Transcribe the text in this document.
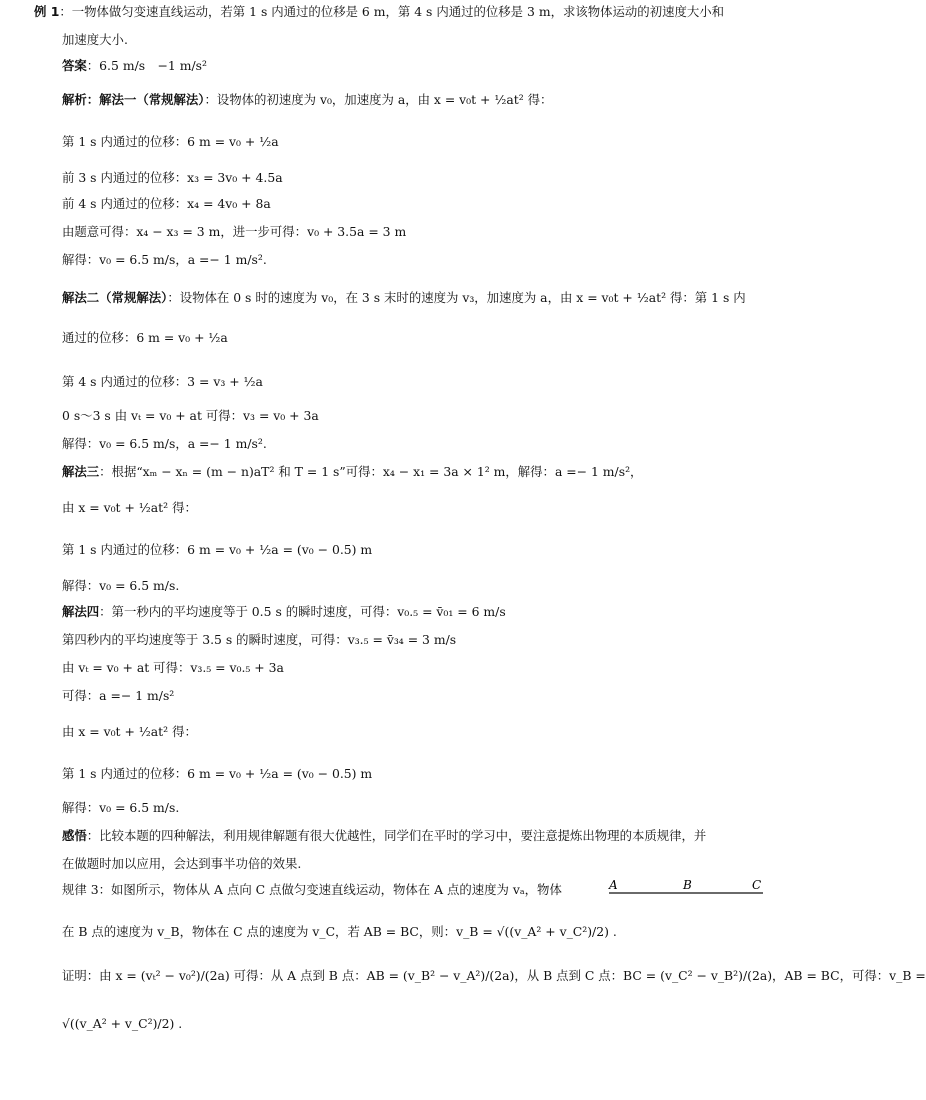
例 1：一物体做匀变速直线运动，若第 1 s 内通过的位移是 6 m，第 4 s 内通过的位移是 3 m，求该物体运动的初速度大小和
加速度大小.
答案：6.5 m/s　−1 m/s²
解析：解法一（常规解法）：设物体的初速度为 v₀，加速度为 a，由 x = v₀t + ½at² 得：
第 1 s 内通过的位移：6 m = v₀ + ½a
前 3 s 内通过的位移：x₃ = 3v₀ + 4.5a
前 4 s 内通过的位移：x₄ = 4v₀ + 8a
由题意可得：x₄ − x₃ = 3 m，进一步可得：v₀ + 3.5a = 3 m
解得：v₀ = 6.5 m/s，a =− 1 m/s².
解法二（常规解法）：设物体在 0 s 时的速度为 v₀，在 3 s 末时的速度为 v₃，加速度为 a，由 x = v₀t + ½at² 得：第 1 s 内
通过的位移：6 m = v₀ + ½a
第 4 s 内通过的位移：3 = v₃ + ½a
0 s～3 s 由 vₜ = v₀ + at 可得：v₃ = v₀ + 3a
解得：v₀ = 6.5 m/s，a =− 1 m/s².
解法三：根据“xₘ − xₙ = (m − n)aT² 和 T = 1 s”可得：x₄ − x₁ = 3a × 1² m，解得：a =− 1 m/s²，
由 x = v₀t + ½at² 得：
第 1 s 内通过的位移：6 m = v₀ + ½a = (v₀ − 0.5) m
解得：v₀ = 6.5 m/s.
解法四：第一秒内的平均速度等于 0.5 s 的瞬时速度，可得：v₀.₅ = v̄₀₁ = 6 m/s
第四秒内的平均速度等于 3.5 s 的瞬时速度，可得：v₃.₅ = v̄₃₄ = 3 m/s
由 vₜ = v₀ + at 可得：v₃.₅ = v₀.₅ + 3a
可得：a =− 1 m/s²
由 x = v₀t + ½at² 得：
第 1 s 内通过的位移：6 m = v₀ + ½a = (v₀ − 0.5) m
解得：v₀ = 6.5 m/s.
感悟：比较本题的四种解法，利用规律解题有很大优越性，同学们在平时的学习中，要注意提炼出物理的本质规律，并
在做题时加以应用，会达到事半功倍的效果.
规律 3：如图所示，物体从 A 点向 C 点做匀变速直线运动，物体在 A 点的速度为 vₐ，物体	A	B	C
在 B 点的速度为 v_B，物体在 C 点的速度为 v_C，若 AB = BC，则：v_B = √((v_A² + v_C²)/2) .
证明：由 x = (vₜ² − v₀²)/(2a) 可得：从 A 点到 B 点：AB = (v_B² − v_A²)/(2a)，从 B 点到 C 点：BC = (v_C² − v_B²)/(2a)，AB = BC，可得：v_B =
√((v_A² + v_C²)/2) .
